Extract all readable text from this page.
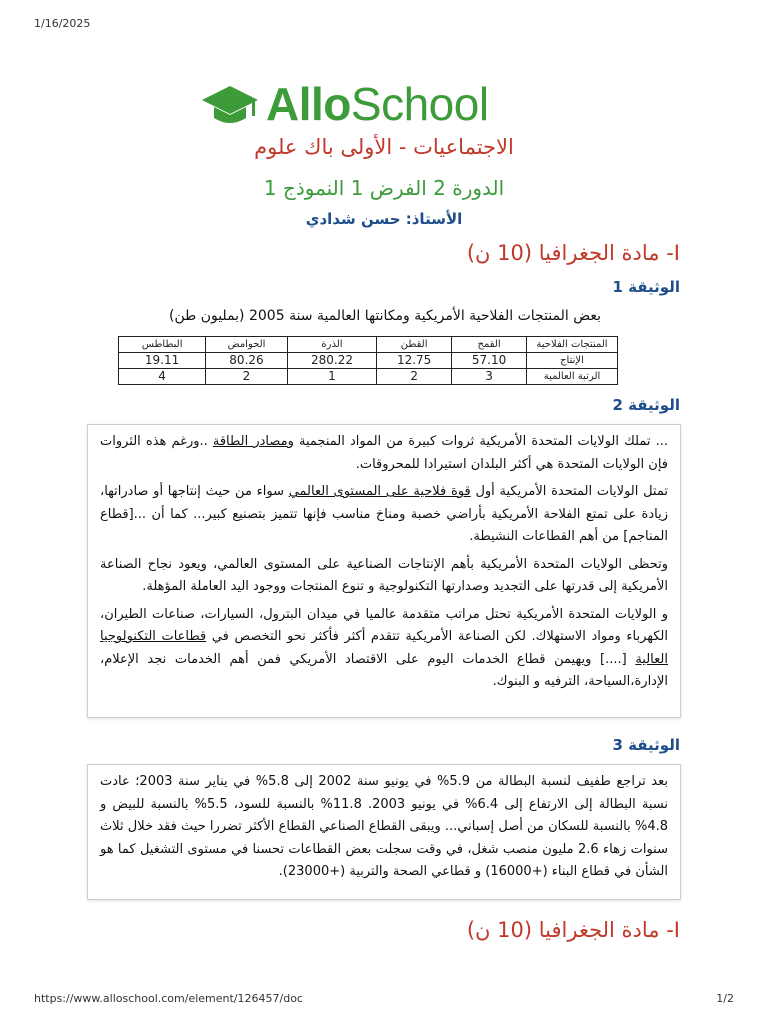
1/16/2025
AlloSchool
الاجتماعيات - الأولى باك علوم
الدورة 2 الفرض 1 النموذج 1
الأستاذ: حسن شدادي
I- مادة الجغرافيا (10 ن)
الوثيقة 1
بعض المنتجات الفلاحية الأمريكية ومكانتها العالمية سنة 2005 (بمليون طن)
المنتجات الفلاحية	القمح	القطن	الذرة	الحوامض	البطاطس
الإنتاج	57.10	12.75	280.22	80.26	19.11
الرتبة العالمية	3	2	1	2	4
الوثيقة 2

... تملك الولايات المتحدة الأمريكية ثروات كبيرة من المواد المنجمية ومصادر الطاقة ..ورغم هذه الثروات فإن الولايات المتحدة هي أكثر البلدان استيرادا للمحروقات.

تمتل الولايات المتحدة الأمريكية أول قوة فلاحية على المستوى العالمي سواء من حيث إنتاجها أو صادراتها، زيادة على تمتع الفلاحة الأمريكية بأراضي خصبة ومناخ مناسب فإنها تتميز بتصنيع كبير... كما أن ...[قطاع المناجم] من أهم القطاعات النشيطة.

وتحظى الولايات المتحدة الأمريكية بأهم الإنتاجات الصناعية على المستوى العالمي، ويعود نجاح الصناعة الأمريكية إلى قدرتها على التجديد وصدارتها التكنولوجية و تنوع المنتجات ووجود اليد العاملة المؤهلة.

و الولايات المتحدة الأمريكية تحتل مراتب متقدمة عالميا في ميدان البترول، السيارات، صناعات الطيران، الكهرباء ومواد الاستهلاك. لكن الصناعة الأمريكية تتقدم أكثر فأكثر نحو التخصص في قطاعات التكنولوجيا العالية [....] ويهيمن قطاع الخدمات اليوم على الاقتصاد الأمريكي فمن أهم الخدمات نجد الإعلام، الإدارة،السياحة، الترفيه و البنوك.

الوثيقة 3

بعد تراجع طفيف لنسبة البطالة من 5.9% في يونيو سنة 2002 إلى 5.8% في يناير سنة 2003؛ عادت نسبة البطالة إلى الارتفاع إلى 6.4% في يونيو 2003. 11.8% بالنسبة للسود، 5.5% بالنسبة للبيض و 4.8% بالنسبة للسكان من أصل إسباني... ويبقى القطاع الصناعي القطاع الأكثر تضررا حيث فقد خلال ثلاث سنوات زهاء 2.6 مليون منصب شغل، في وقت سجلت بعض القطاعات تحسنا في مستوى التشغيل كما هو الشأن في قطاع البناء (+16000) و قطاعي الصحة والتربية (+23000).

I- مادة الجغرافيا (10 ن)
https://www.alloschool.com/element/126457/doc	1/2
